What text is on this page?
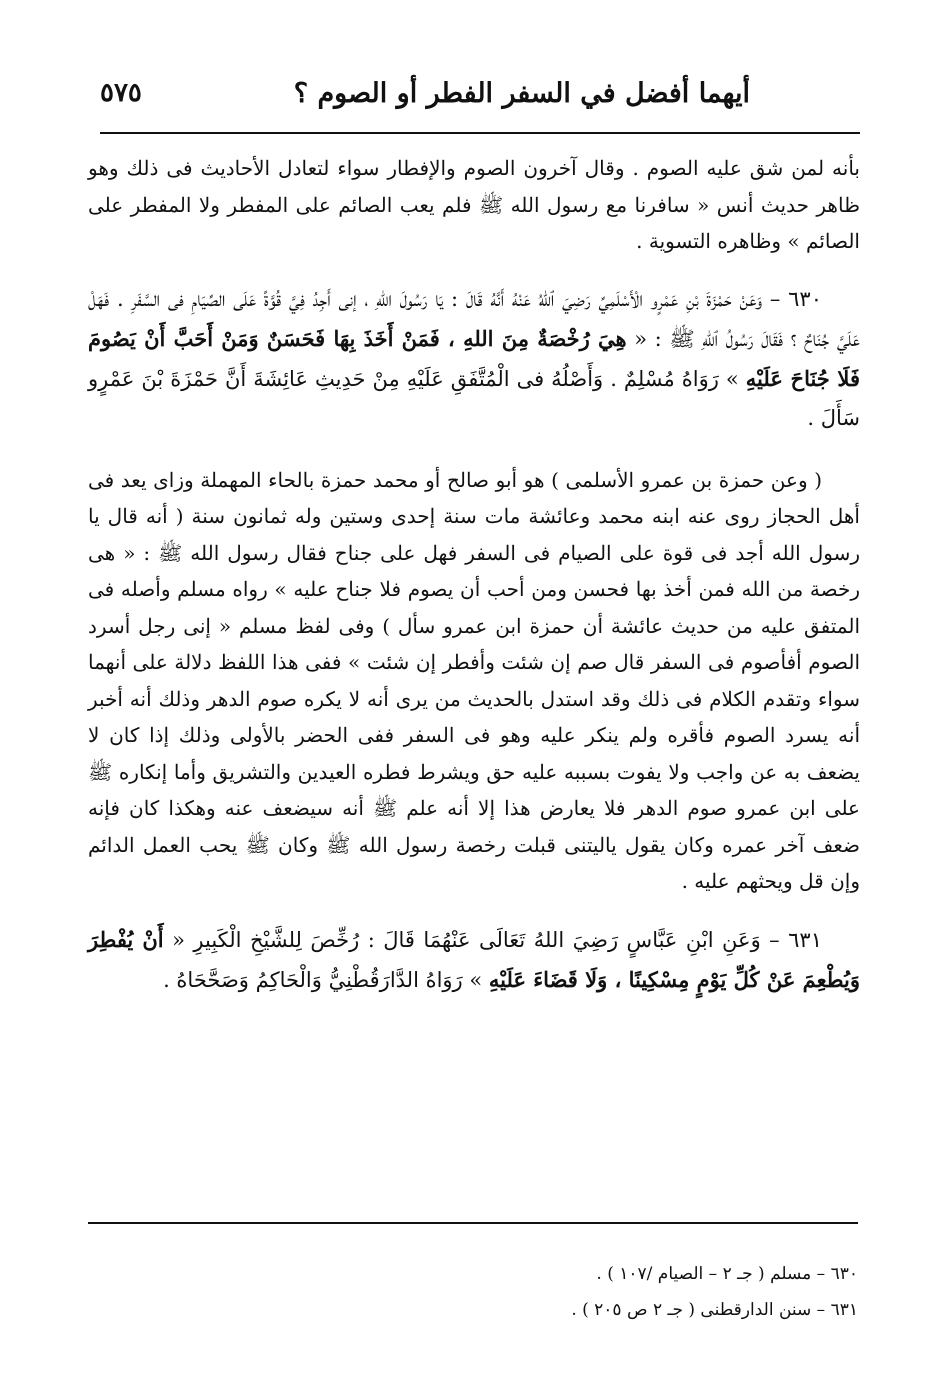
أيهما أفضل في السفر الفطر أو الصوم ؟
٥٧٥

بأنه لمن شق عليه الصوم . وقال آخرون الصوم والإفطار سواء لتعادل الأحاديث فى ذلك وهو ظاهر حديث أنس « سافرنا مع رسول الله ﷺ فلم يعب الصائم على المفطر ولا المفطر على الصائم » وظاهره التسوية .

٦٣٠ – وَعَنْ حَمْزَةَ بْنِ عَمْرٍو الْأَسْلَمِيِّ رَضِيَ ٱللهُ عَنْهُ أَنَّهُ قَالَ : يَا رَسُولَ اللهِ ، إنى أَجِدُ فِيَّ قُوَّةً عَلَى الصِّيَامِ فى السَّفَرِ . فَهَلْ عَلَيَّ جُنَاحٌ ؟ فَقَالَ رَسُولُ ٱللهِ ﷺ : « هِيَ رُخْصَةٌ مِنَ اللهِ ، فَمَنْ أَخَذَ بِهَا فَحَسَنٌ وَمَنْ أَحَبَّ أَنْ يَصُومَ فَلَا جُنَاحَ عَلَيْهِ » رَوَاهُ مُسْلِمٌ . وَأَصْلُهُ فى الْمُتَّفَقِ عَلَيْهِ مِنْ حَدِيثِ عَائِشَةَ أَنَّ حَمْزَةَ بْنَ عَمْرٍو سَأَلَ .

( وعن حمزة بن عمرو الأسلمى ) هو أبو صالح أو محمد حمزة بالحاء المهملة وزاى يعد فى أهل الحجاز روى عنه ابنه محمد وعائشة مات سنة إحدى وستين وله ثمانون سنة ( أنه قال يا رسول الله أجد فى قوة على الصيام فى السفر فهل على جناح فقال رسول الله ﷺ : « هى رخصة من الله فمن أخذ بها فحسن ومن أحب أن يصوم فلا جناح عليه » رواه مسلم وأصله فى المتفق عليه من حديث عائشة أن حمزة ابن عمرو سأل ) وفى لفظ مسلم « إنى رجل أسرد الصوم أفأصوم فى السفر قال صم إن شئت وأفطر إن شئت » ففى هذا اللفظ دلالة على أنهما سواء وتقدم الكلام فى ذلك وقد استدل بالحديث من يرى أنه لا يكره صوم الدهر وذلك أنه أخبر أنه يسرد الصوم فأقره ولم ينكر عليه وهو فى السفر ففى الحضر بالأولى وذلك إذا كان لا يضعف به عن واجب ولا يفوت بسببه عليه حق ويشرط فطره العيدين والتشريق وأما إنكاره ﷺ على ابن عمرو صوم الدهر فلا يعارض هذا إلا أنه علم ﷺ أنه سيضعف عنه وهكذا كان فإنه ضعف آخر عمره وكان يقول ياليتنى قبلت رخصة رسول الله ﷺ وكان ﷺ يحب العمل الدائم وإن قل ويحثهم عليه .

٦٣١ – وَعَنِ ابْنِ عَبَّاسٍ رَضِيَ اللهُ تَعَالَى عَنْهُمَا قَالَ : رُخِّصَ لِلشَّيْخِ الْكَبِيرِ « أَنْ يُفْطِرَ وَيُطْعِمَ عَنْ كُلِّ يَوْمٍ مِسْكِينًا ، وَلَا قَضَاءَ عَلَيْهِ » رَوَاهُ الدَّارَقُطْنِيُّ وَالْحَاكِمُ وَصَحَّحَاهُ .

٦٣٠ – مسلم ( جـ ٢ – الصيام /١٠٧ ) .

٦٣١ – سنن الدارقطنى ( جـ ٢ ص ٢٠٥ ) .
